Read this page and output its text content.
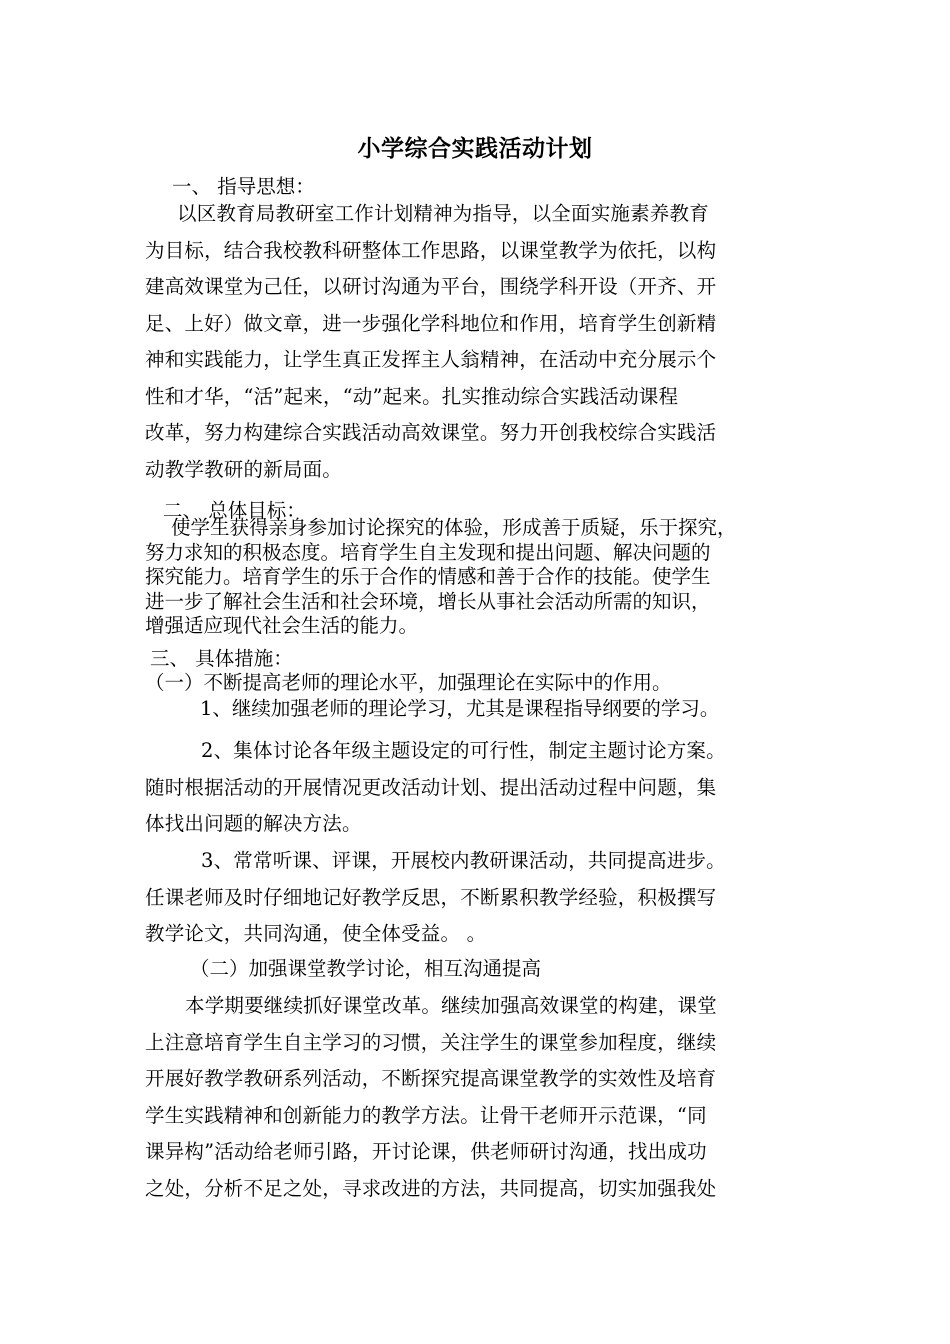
小学综合实践活动计划
一、 指导思想：
以区教育局教研室工作计划精神为指导，以全面实施素养教育
为目标，结合我校教科研整体工作思路，以课堂教学为依托，以构
建高效课堂为己任，以研讨沟通为平台，围绕学科开设（开齐、开
足、上好）做文章，进一步强化学科地位和作用，培育学生创新精
神和实践能力，让学生真正发挥主人翁精神，在活动中充分展示个
性和才华，“活”起来，“动”起来。扎实推动综合实践活动课程
改革，努力构建综合实践活动高效课堂。努力开创我校综合实践活
动教学教研的新局面。
二、 总体目标：
使学生获得亲身参加讨论探究的体验，形成善于质疑，乐于探究，
努力求知的积极态度。培育学生自主发现和提出问题、解决问题的
探究能力。培育学生的乐于合作的情感和善于合作的技能。使学生
进一步了解社会生活和社会环境，增长从事社会活动所需的知识，
增强适应现代社会生活的能力。
三、 具体措施：
（一）不断提高老师的理论水平，加强理论在实际中的作用。
1、继续加强老师的理论学习，尤其是课程指导纲要的学习。
2、集体讨论各年级主题设定的可行性，制定主题讨论方案。
随时根据活动的开展情况更改活动计划、提出活动过程中问题，集
体找出问题的解决方法。
3、常常听课、评课，开展校内教研课活动，共同提高进步。
任课老师及时仔细地记好教学反思，不断累积教学经验，积极撰写
教学论文，共同沟通，使全体受益。 。
（二）加强课堂教学讨论，相互沟通提高
本学期要继续抓好课堂改革。继续加强高效课堂的构建，课堂
上注意培育学生自主学习的习惯，关注学生的课堂参加程度，继续
开展好教学教研系列活动，不断探究提高课堂教学的实效性及培育
学生实践精神和创新能力的教学方法。让骨干老师开示范课，“同
课异构”活动给老师引路，开讨论课，供老师研讨沟通，找出成功
之处，分析不足之处，寻求改进的方法，共同提高，切实加强我处
